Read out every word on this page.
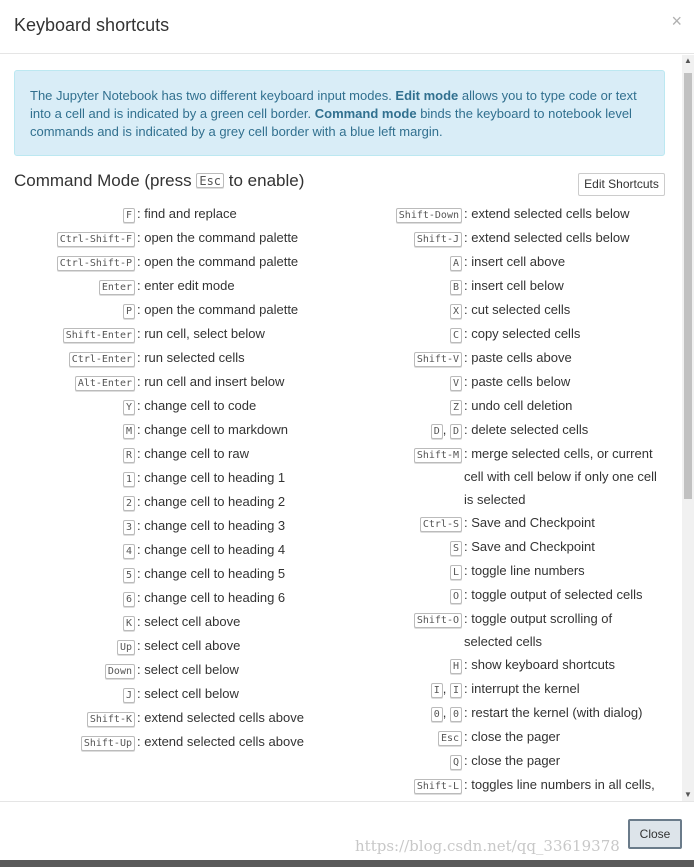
Keyboard shortcuts	×
The Jupyter Notebook has two different keyboard input modes. Edit mode allows you to type code or text into a cell and is indicated by a green cell border. Command mode binds the keyboard to notebook level commands and is indicated by a grey cell border with a blue left margin.
Command Mode (press Esc to enable)	Edit Shortcuts
F : find and replace
Ctrl-Shift-F : open the command palette
Ctrl-Shift-P : open the command palette
Enter : enter edit mode
P : open the command palette
Shift-Enter : run cell, select below
Ctrl-Enter : run selected cells
Alt-Enter : run cell and insert below
Y : change cell to code
M : change cell to markdown
R : change cell to raw
1 : change cell to heading 1
2 : change cell to heading 2
3 : change cell to heading 3
4 : change cell to heading 4
5 : change cell to heading 5
6 : change cell to heading 6
K : select cell above
Up : select cell above
Down : select cell below
J : select cell below
Shift-K : extend selected cells above
Shift-Up : extend selected cells above
Shift-Down : extend selected cells below
Shift-J : extend selected cells below
A : insert cell above
B : insert cell below
X : cut selected cells
C : copy selected cells
Shift-V : paste cells above
V : paste cells below
Z : undo cell deletion
D , D : delete selected cells
Shift-M : merge selected cells, or current cell with cell below if only one cell is selected
Ctrl-S : Save and Checkpoint
S : Save and Checkpoint
L : toggle line numbers
O : toggle output of selected cells
Shift-O : toggle output scrolling of selected cells
H : show keyboard shortcuts
I , I : interrupt the kernel
0 , 0 : restart the kernel (with dialog)
Esc : close the pager
Q : close the pager
Shift-L : toggles line numbers in all cells,
▲
▼
https://blog.csdn.net/qq_33619378
Close
